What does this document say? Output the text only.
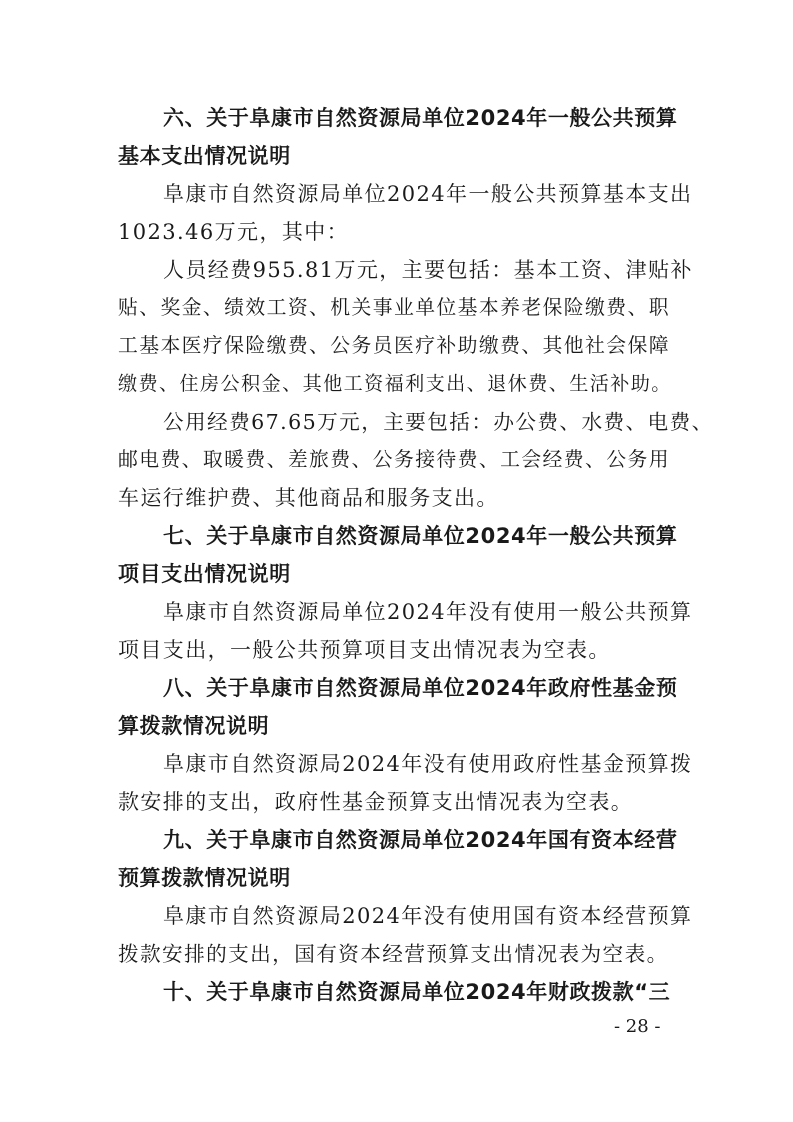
六、关于阜康市自然资源局单位2024年一般公共预算
基本支出情况说明
阜康市自然资源局单位2024年一般公共预算基本支出
1023.46万元，其中：
人员经费955.81万元，主要包括：基本工资、津贴补
贴、奖金、绩效工资、机关事业单位基本养老保险缴费、职
工基本医疗保险缴费、公务员医疗补助缴费、其他社会保障
缴费、住房公积金、其他工资福利支出、退休费、生活补助。
公用经费67.65万元，主要包括：办公费、水费、电费、
邮电费、取暖费、差旅费、公务接待费、工会经费、公务用
车运行维护费、其他商品和服务支出。
七、关于阜康市自然资源局单位2024年一般公共预算
项目支出情况说明
阜康市自然资源局单位2024年没有使用一般公共预算
项目支出，一般公共预算项目支出情况表为空表。
八、关于阜康市自然资源局单位2024年政府性基金预
算拨款情况说明
阜康市自然资源局2024年没有使用政府性基金预算拨
款安排的支出，政府性基金预算支出情况表为空表。
九、关于阜康市自然资源局单位2024年国有资本经营
预算拨款情况说明
阜康市自然资源局2024年没有使用国有资本经营预算
拨款安排的支出，国有资本经营预算支出情况表为空表。
十、关于阜康市自然资源局单位2024年财政拨款“三
- 28 -
